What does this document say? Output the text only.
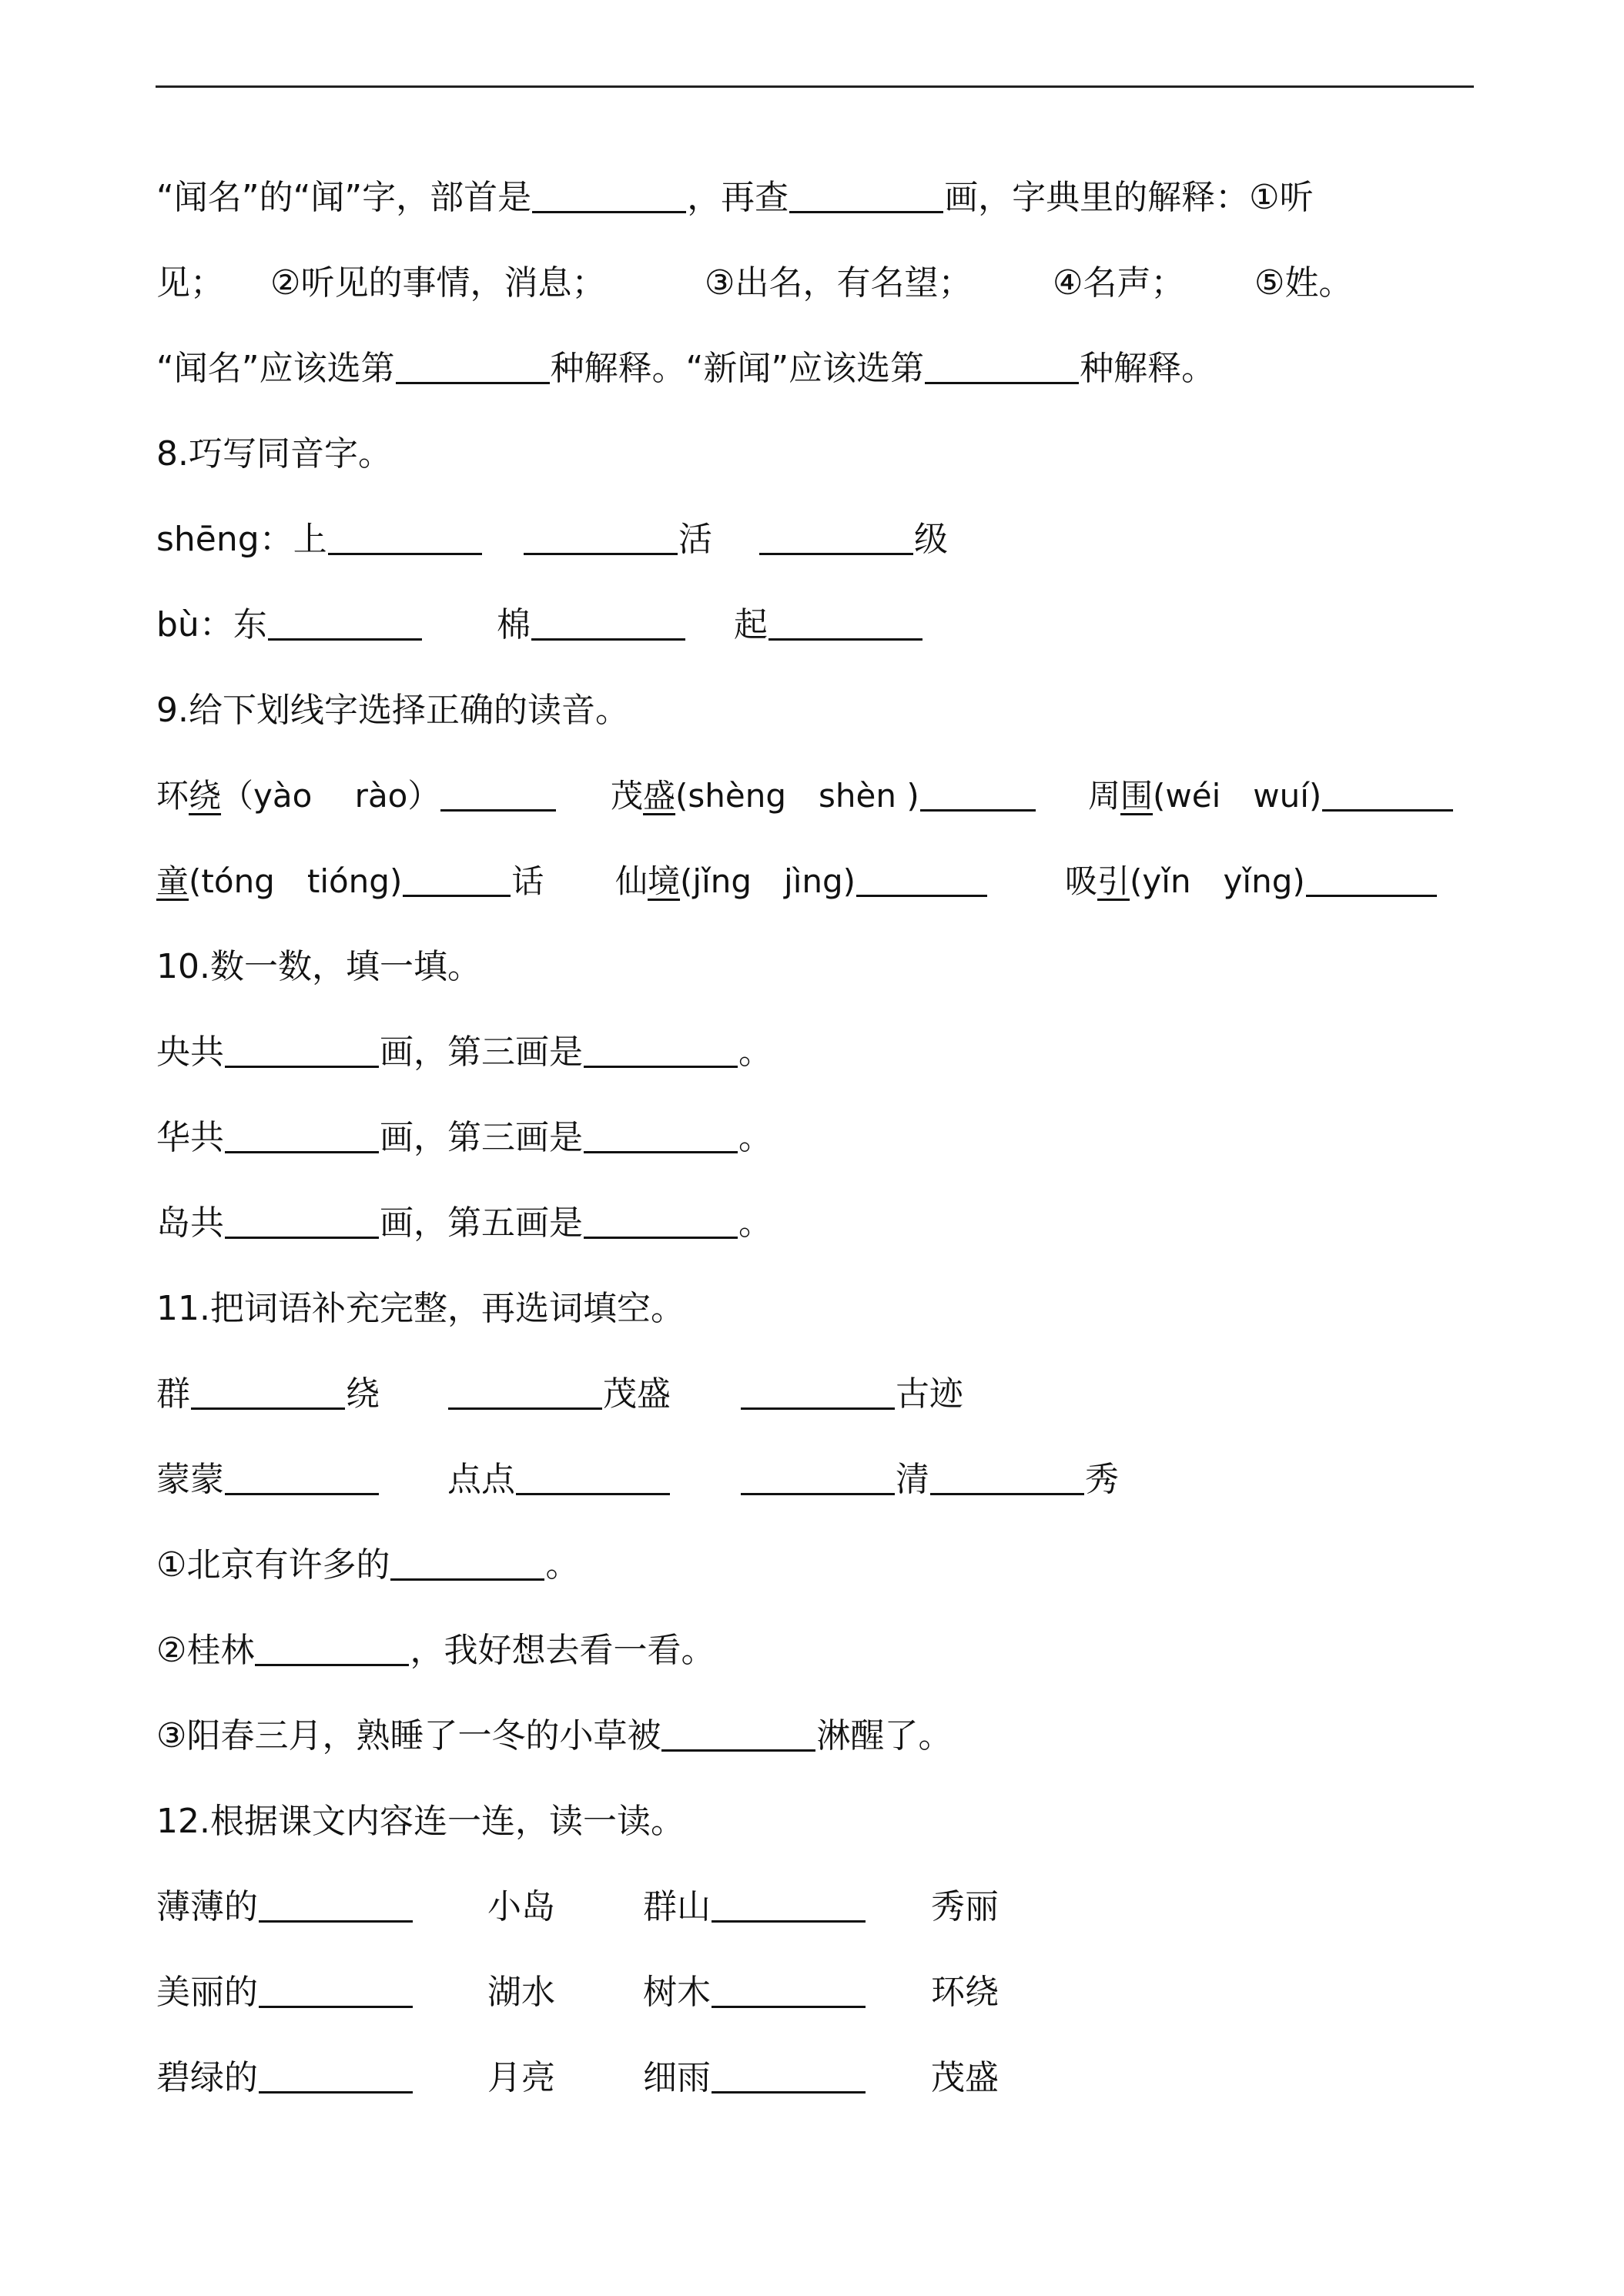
“闻名”的“闻”字，部首是	，再查	画，字典里的解释：①听
见； ②听见的事情，消息；	③出名，有名望； ④名声； ⑤姓。
“闻名”应该选第	种解释。“新闻”应该选第	种解释。
8.巧写同音字。
shēng：上	活	级
bù：东	棉	起
9.给下划线字选择正确的读音。
环绕（yào　 rào）	茂盛(shèng　shèn )	周围(wéi　wuí)
童(tóng　tióng)	话 仙境(jǐng　jìng)	吸引(yǐn　yǐng)
10.数一数，填一填。
央共	画，第三画是	。
华共	画，第三画是	。
岛共	画，第五画是	。
11.把词语补充完整，再选词填空。
群	绕	茂盛	古迹
蒙蒙	点点	清	秀
①北京有许多的	。
②桂林	，我好想去看一看。
③阳春三月，熟睡了一冬的小草被	淋醒了。
12.根据课文内容连一连，读一读。
薄薄的	小岛	群山	秀丽
美丽的	湖水	树木	环绕
碧绿的	月亮	细雨	茂盛
